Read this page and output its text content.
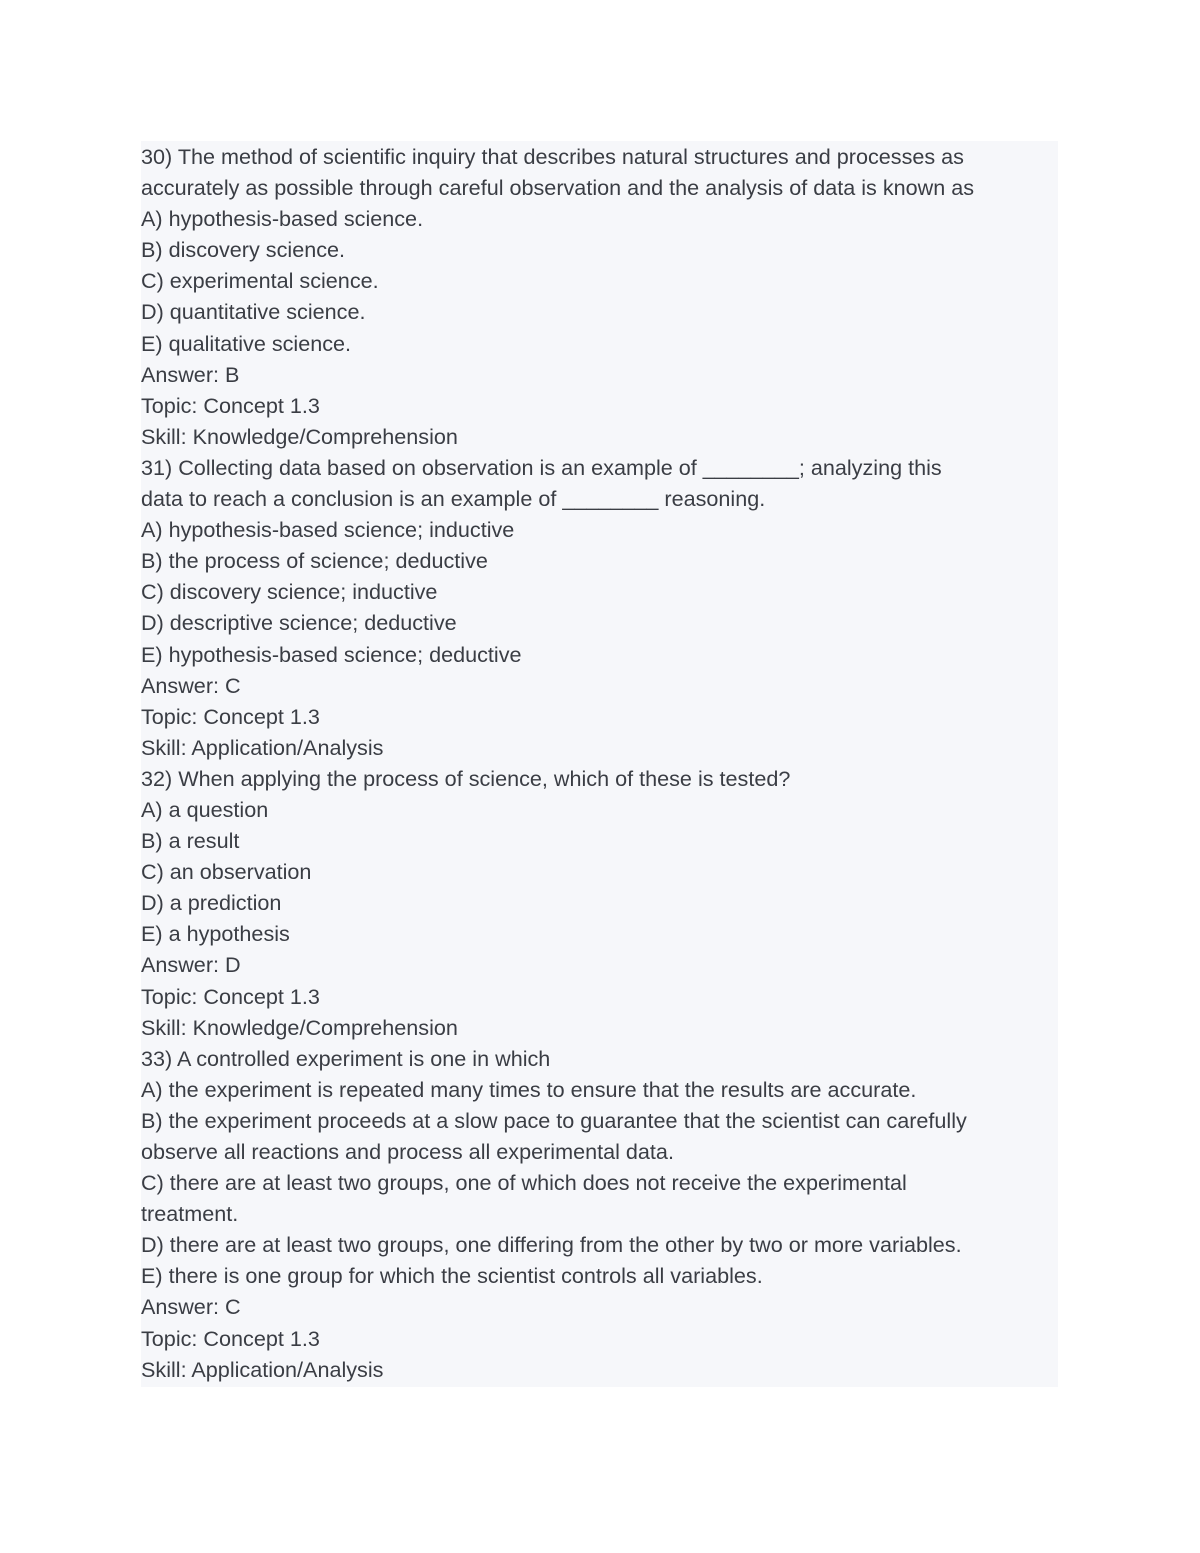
30) The method of scientific inquiry that describes natural structures and processes as
accurately as possible through careful observation and the analysis of data is known as
A) hypothesis-based science.
B) discovery science.
C) experimental science.
D) quantitative science.
E) qualitative science.
Answer: B
Topic: Concept 1.3
Skill: Knowledge/Comprehension
31) Collecting data based on observation is an example of ________; analyzing this
data to reach a conclusion is an example of ________ reasoning.
A) hypothesis-based science; inductive
B) the process of science; deductive
C) discovery science; inductive
D) descriptive science; deductive
E) hypothesis-based science; deductive
Answer: C
Topic: Concept 1.3
Skill: Application/Analysis
32) When applying the process of science, which of these is tested?
A) a question
B) a result
C) an observation
D) a prediction
E) a hypothesis
Answer: D
Topic: Concept 1.3
Skill: Knowledge/Comprehension
33) A controlled experiment is one in which
A) the experiment is repeated many times to ensure that the results are accurate.
B) the experiment proceeds at a slow pace to guarantee that the scientist can carefully
observe all reactions and process all experimental data.
C) there are at least two groups, one of which does not receive the experimental
treatment.
D) there are at least two groups, one differing from the other by two or more variables.
E) there is one group for which the scientist controls all variables.
Answer: C
Topic: Concept 1.3
Skill: Application/Analysis
